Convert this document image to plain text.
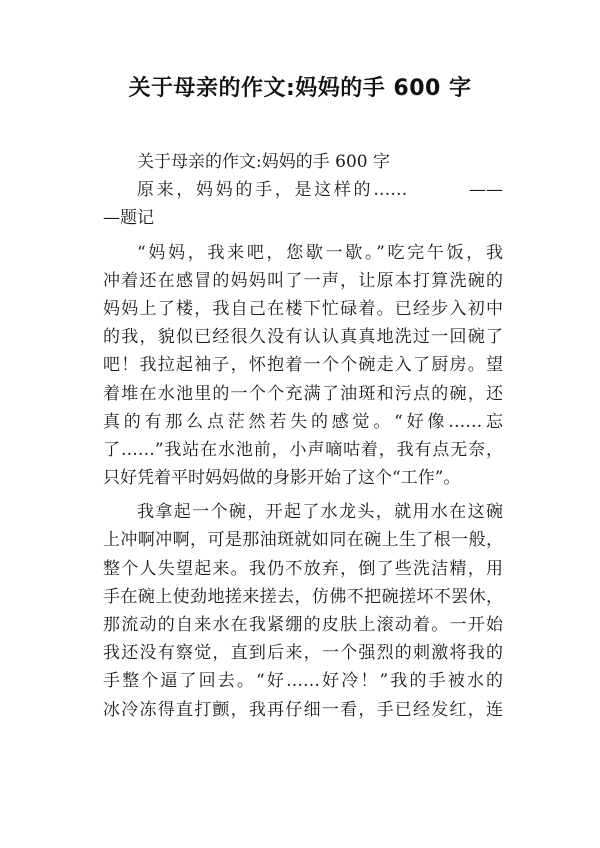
关于母亲的作文:妈妈的手 600 字
关于母亲的作文:妈妈的手 600 字
原来，妈妈的手，是这样的……　　　——
—题记
“妈妈，我来吧，您歇一歇。”吃完午饭，我
冲着还在感冒的妈妈叫了一声，让原本打算洗碗的
妈妈上了楼，我自己在楼下忙碌着。已经步入初中
的我，貌似已经很久没有认认真真地洗过一回碗了
吧！我拉起袖子，怀抱着一个个碗走入了厨房。望
着堆在水池里的一个个充满了油斑和污点的碗，还
真的有那么点茫然若失的感觉。“好像……忘
了……”我站在水池前，小声嘀咕着，我有点无奈，
只好凭着平时妈妈做的身影开始了这个“工作”。
我拿起一个碗，开起了水龙头，就用水在这碗
上冲啊冲啊，可是那油斑就如同在碗上生了根一般，
整个人失望起来。我仍不放弃，倒了些洗洁精，用
手在碗上使劲地搓来搓去，仿佛不把碗搓坏不罢休，
那流动的自来水在我紧绷的皮肤上滚动着。一开始
我还没有察觉，直到后来，一个强烈的刺激将我的
手整个逼了回去。“好……好冷！”我的手被水的
冰冷冻得直打颤，我再仔细一看，手已经发红，连
